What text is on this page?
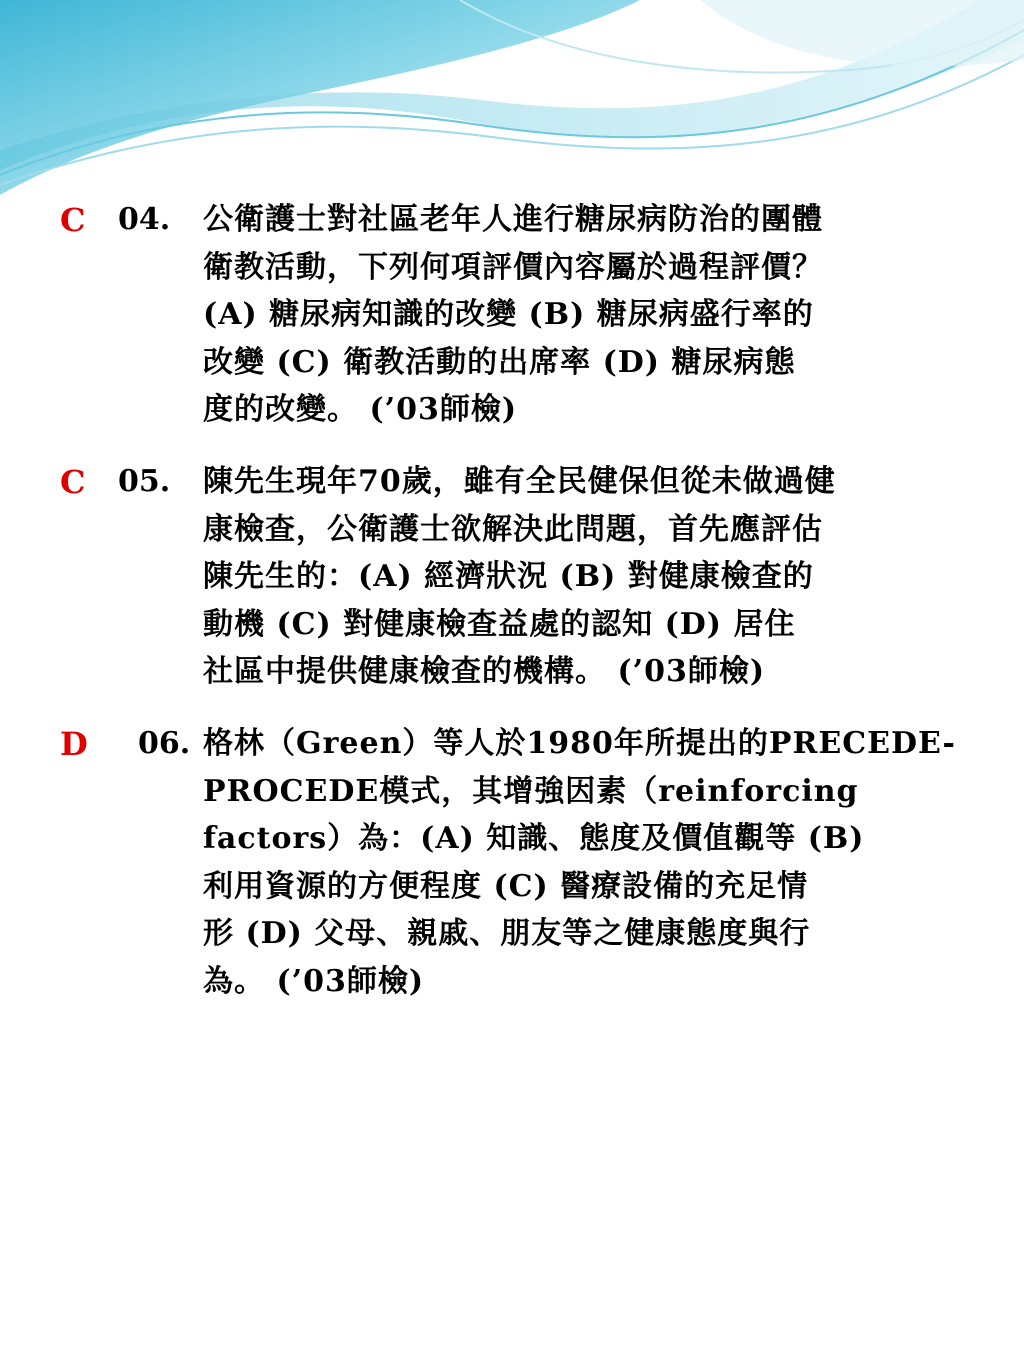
C 04. 公衛護士對社區老年人進行糖尿病防治的團體
衛教活動，下列何項評價內容屬於過程評價？
(A) 糖尿病知識的改變 (B) 糖尿病盛行率的
改變 (C) 衛教活動的出席率 (D) 糖尿病態
度的改變。 (’03師檢)
C 05. 陳先生現年70歲，雖有全民健保但從未做過健
康檢查，公衛護士欲解決此問題，首先應評估
陳先生的：(A) 經濟狀況 (B) 對健康檢查的
動機 (C) 對健康檢查益處的認知 (D) 居住
社區中提供健康檢查的機構。 (’03師檢)
D 06. 格林（Green）等人於1980年所提出的PRECEDE-
PROCEDE模式，其增強因素（reinforcing
factors）為：(A) 知識、態度及價值觀等 (B)
利用資源的方便程度 (C) 醫療設備的充足情
形 (D) 父母、親戚、朋友等之健康態度與行
為。 (’03師檢)
